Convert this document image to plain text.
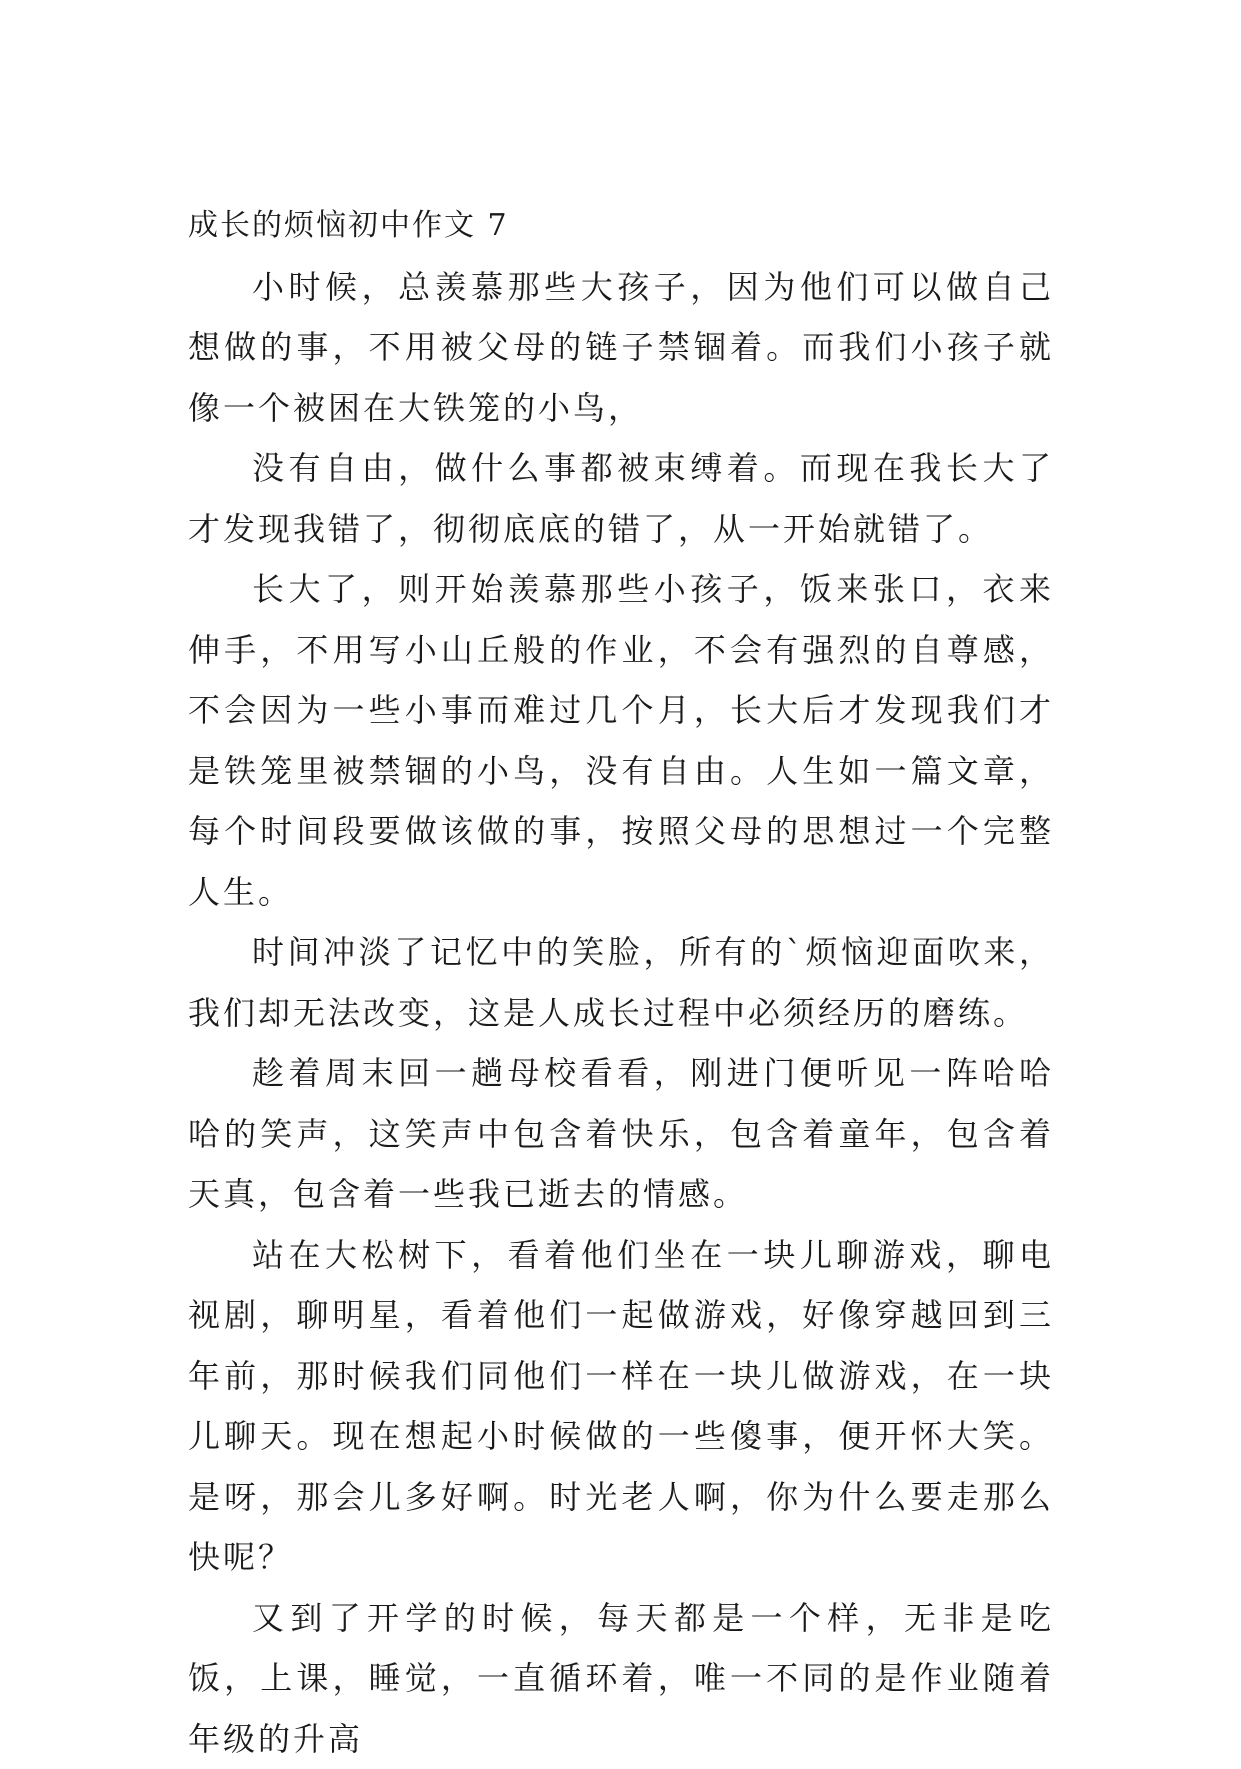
成长的烦恼初中作文 7

小时候，总羡慕那些大孩子，因为他们可以做自己想做的事，不用被父母的链子禁锢着。而我们小孩子就像一个被困在大铁笼的小鸟，

没有自由，做什么事都被束缚着。而现在我长大了才发现我错了，彻彻底底的错了，从一开始就错了。

长大了，则开始羡慕那些小孩子，饭来张口，衣来伸手，不用写小山丘般的作业，不会有强烈的自尊感，不会因为一些小事而难过几个月，长大后才发现我们才是铁笼里被禁锢的小鸟，没有自由。人生如一篇文章，每个时间段要做该做的事，按照父母的思想过一个完整人生。

时间冲淡了记忆中的笑脸，所有的`烦恼迎面吹来，我们却无法改变，这是人成长过程中必须经历的磨练。

趁着周末回一趟母校看看，刚进门便听见一阵哈哈哈的笑声，这笑声中包含着快乐，包含着童年，包含着天真，包含着一些我已逝去的情感。

站在大松树下，看着他们坐在一块儿聊游戏，聊电视剧，聊明星，看着他们一起做游戏，好像穿越回到三年前，那时候我们同他们一样在一块儿做游戏，在一块儿聊天。现在想起小时候做的一些傻事，便开怀大笑。是呀，那会儿多好啊。时光老人啊，你为什么要走那么快呢？

又到了开学的时候，每天都是一个样，无非是吃饭，上课，睡觉，一直循环着，唯一不同的是作业随着年级的升高
